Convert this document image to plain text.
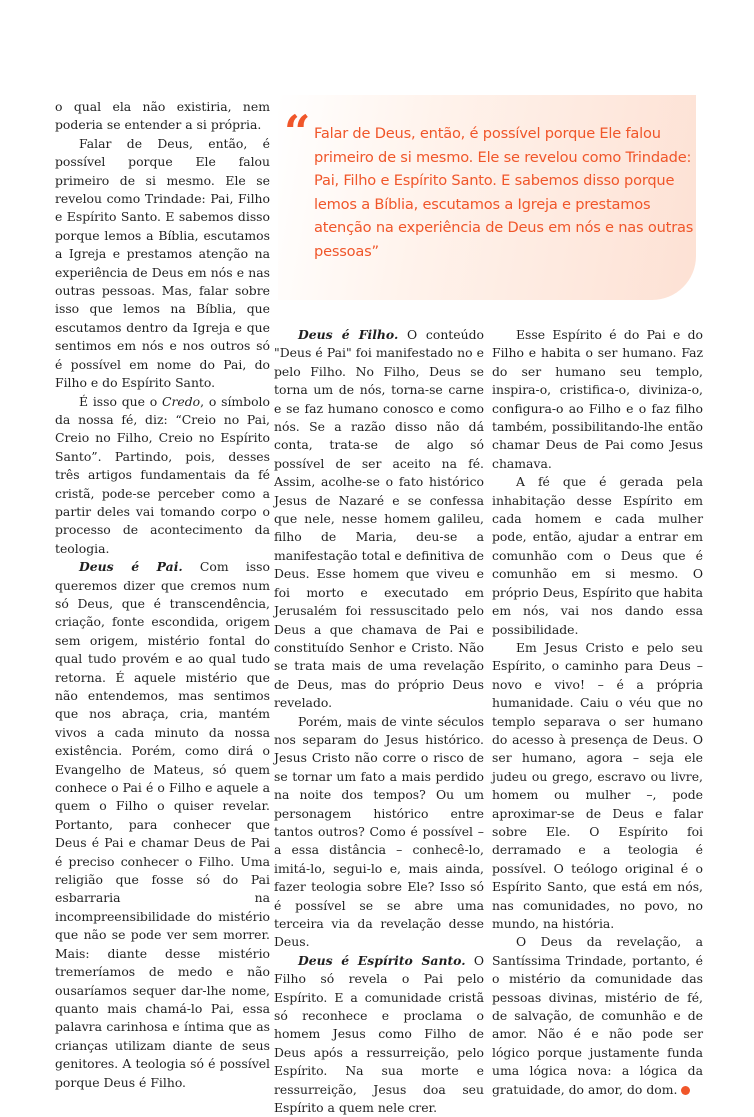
“ Falar de Deus, então, é possível porque Ele falou primeiro de si mesmo. Ele se revelou como Trindade: Pai, Filho e Espírito Santo. E sabemos disso porque lemos a Bíblia, escutamos a Igreja e prestamos atenção na experiência de Deus em nós e nas outras pessoas”

o qual ela não existiria, nem poderia se entender a si própria.

Falar de Deus, então, é possível porque Ele falou primeiro de si mesmo. Ele se revelou como Trindade: Pai, Filho e Espírito Santo. E sabemos disso porque lemos a Bíblia, escutamos a Igreja e prestamos atenção na experiência de Deus em nós e nas outras pessoas. Mas, falar sobre isso que lemos na Bíblia, que escutamos dentro da Igreja e que sentimos em nós e nos outros só é possível em nome do Pai, do Filho e do Espírito Santo.

É isso que o Credo, o símbolo da nossa fé, diz: “Creio no Pai, Creio no Filho, Creio no Espírito Santo”. Partindo, pois, desses três artigos fundamentais da fé cristã, pode-se perceber como a partir deles vai tomando corpo o processo de acontecimento da teologia.

Deus é Pai. Com isso queremos dizer que cremos num só Deus, que é transcendência, criação, fonte escondida, origem sem origem, mistério fontal do qual tudo provém e ao qual tudo retorna. É aquele mistério que não entendemos, mas sentimos que nos abraça, cria, mantém vivos a cada minuto da nossa existência. Porém, como dirá o Evangelho de Mateus, só quem conhece o Pai é o Filho e aquele a quem o Filho o quiser revelar. Portanto, para conhecer que Deus é Pai e chamar Deus de Pai é preciso conhecer o Filho. Uma religião que fosse só do Pai esbarraria na incompreensibilidade do mistério que não se pode ver sem morrer. Mais: diante desse mistério tremeríamos de medo e não ousaríamos sequer dar-lhe nome, quanto mais chamá-lo Pai, essa palavra carinhosa e íntima que as crianças utilizam diante de seus genitores. A teologia só é possível porque Deus é Filho.

Deus é Filho. O conteúdo "Deus é Pai" foi manifestado no e pelo Filho. No Filho, Deus se torna um de nós, torna-se carne e se faz humano conosco e como nós. Se a razão disso não dá conta, trata-se de algo só possível de ser aceito na fé. Assim, acolhe-se o fato histórico Jesus de Nazaré e se confessa que nele, nesse homem galileu, filho de Maria, deu-se a manifestação total e definitiva de Deus. Esse homem que viveu e foi morto e executado em Jerusalém foi ressuscitado pelo Deus a que chamava de Pai e constituído Senhor e Cristo. Não se trata mais de uma revelação de Deus, mas do próprio Deus revelado.

Porém, mais de vinte séculos nos separam do Jesus histórico. Jesus Cristo não corre o risco de se tornar um fato a mais perdido na noite dos tempos? Ou um personagem histórico entre tantos outros? Como é possível – a essa distância – conhecê-lo, imitá-lo, segui-lo e, mais ainda, fazer teologia sobre Ele? Isso só é possível se se abre uma terceira via da revelação desse Deus.

Deus é Espírito Santo. O Filho só revela o Pai pelo Espírito. E a comunidade cristã só reconhece e proclama o homem Jesus como Filho de Deus após a ressurreição, pelo Espírito. Na sua morte e ressurreição, Jesus doa seu Espírito a quem nele crer.

Esse Espírito é do Pai e do Filho e habita o ser humano. Faz do ser humano seu templo, inspira-o, cristifica-o, diviniza-o, configura-o ao Filho e o faz filho também, possibilitando-lhe então chamar Deus de Pai como Jesus chamava.

A fé que é gerada pela inhabitação desse Espírito em cada homem e cada mulher pode, então, ajudar a entrar em comunhão com o Deus que é comunhão em si mesmo. O próprio Deus, Espírito que habita em nós, vai nos dando essa possibilidade.

Em Jesus Cristo e pelo seu Espírito, o caminho para Deus – novo e vivo! – é a própria humanidade. Caiu o véu que no templo separava o ser humano do acesso à presença de Deus. O ser humano, agora – seja ele judeu ou grego, escravo ou livre, homem ou mulher –, pode aproximar-se de Deus e falar sobre Ele. O Espírito foi derramado e a teologia é possível. O teólogo original é o Espírito Santo, que está em nós, nas comunidades, no povo, no mundo, na história.

O Deus da revelação, a Santíssima Trindade, portanto, é o mistério da comunidade das pessoas divinas, mistério de fé, de salvação, de comunhão e de amor. Não é e não pode ser lógico porque justamente funda uma lógica nova: a lógica da gratuidade, do amor, do dom.
